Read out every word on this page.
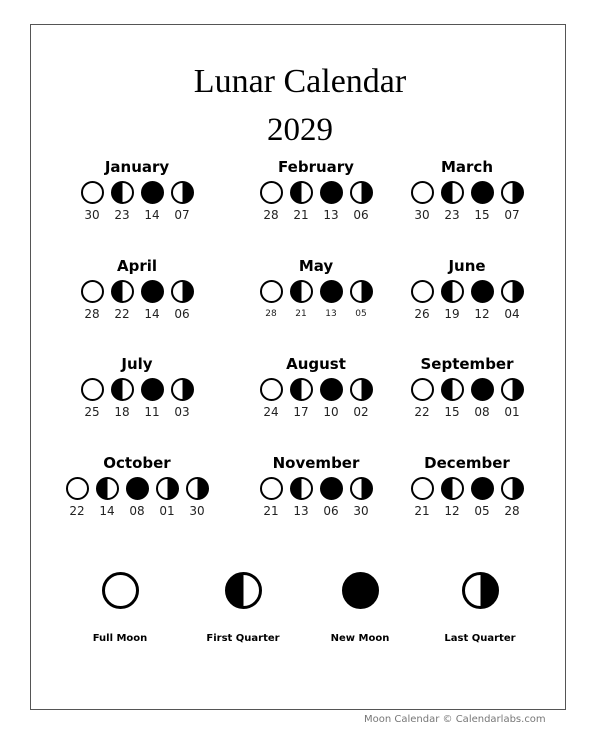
Lunar Calendar
2029
January
30 23 14 07
February
28 21 13 06
March
30 23 15 07
April
28 22 14 06
May
28 21 13 05
June
26 19 12 04
July
25 18 11 03
August
24 17 10 02
September
22 15 08 01
October
22 14 08 01 30
November
21 13 06 30
December
21 12 05 28
Full Moon	First Quarter	New Moon	Last Quarter
Moon Calendar © Calendarlabs.com
